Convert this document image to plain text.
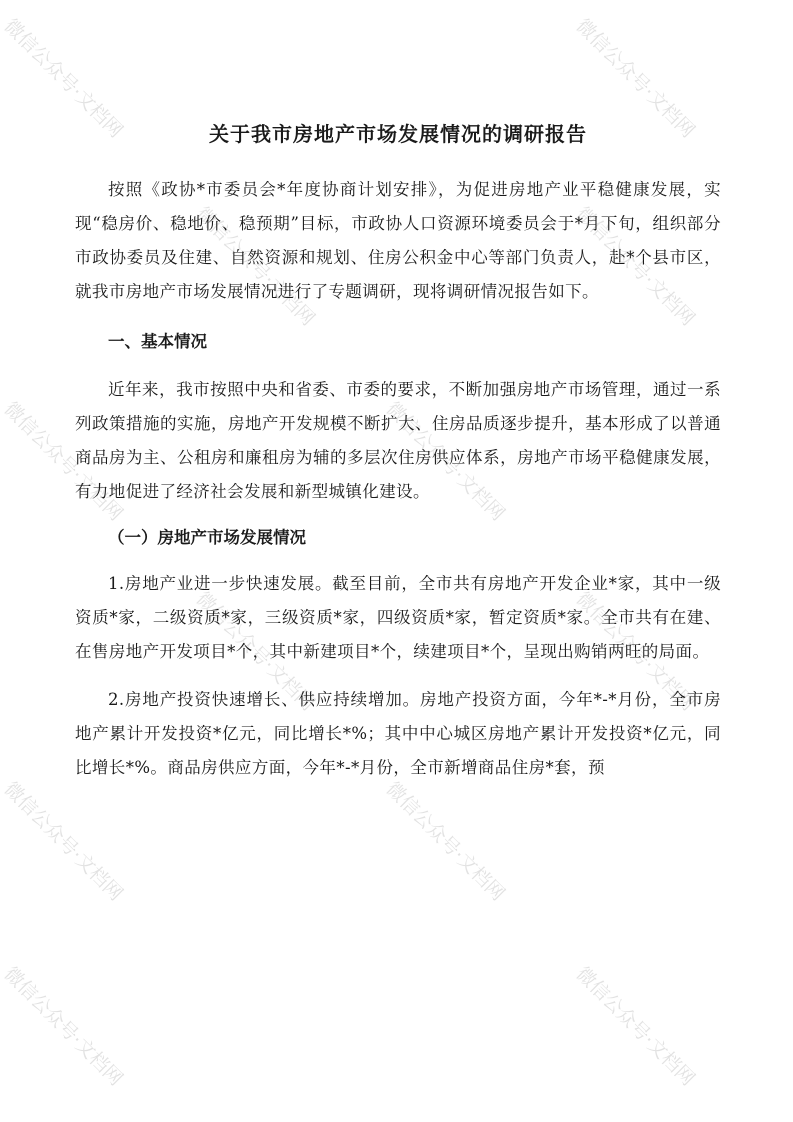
微信公众号·文档网	微信公众号·文档网
微信公众号·文档网	微信公众号·文档网
微信公众号·文档网	微信公众号·文档网
微信公众号·文档网	微信公众号·文档网
微信公众号·文档网	微信公众号·文档网
微信公众号·文档网	微信公众号·文档网
关于我市房地产市场发展情况的调研报告

按照《政协*市委员会*年度协商计划安排》，为促进房地产业平稳健康发展，实现“稳房价、稳地价、稳预期”目标，市政协人口资源环境委员会于*月下旬，组织部分市政协委员及住建、自然资源和规划、住房公积金中心等部门负责人，赴*个县市区，就我市房地产市场发展情况进行了专题调研，现将调研情况报告如下。

一、基本情况

近年来，我市按照中央和省委、市委的要求，不断加强房地产市场管理，通过一系列政策措施的实施，房地产开发规模不断扩大、住房品质逐步提升，基本形成了以普通商品房为主、公租房和廉租房为辅的多层次住房供应体系，房地产市场平稳健康发展，有力地促进了经济社会发展和新型城镇化建设。

（一）房地产市场发展情况

1.房地产业进一步快速发展。截至目前，全市共有房地产开发企业*家，其中一级资质*家，二级资质*家，三级资质*家，四级资质*家，暂定资质*家。全市共有在建、在售房地产开发项目*个，其中新建项目*个，续建项目*个，呈现出购销两旺的局面。

2.房地产投资快速增长、供应持续增加。房地产投资方面，今年*-*月份，全市房地产累计开发投资*亿元，同比增长*%；其中中心城区房地产累计开发投资*亿元，同比增长*%。商品房供应方面，今年*-*月份，全市新增商品住房*套，预
